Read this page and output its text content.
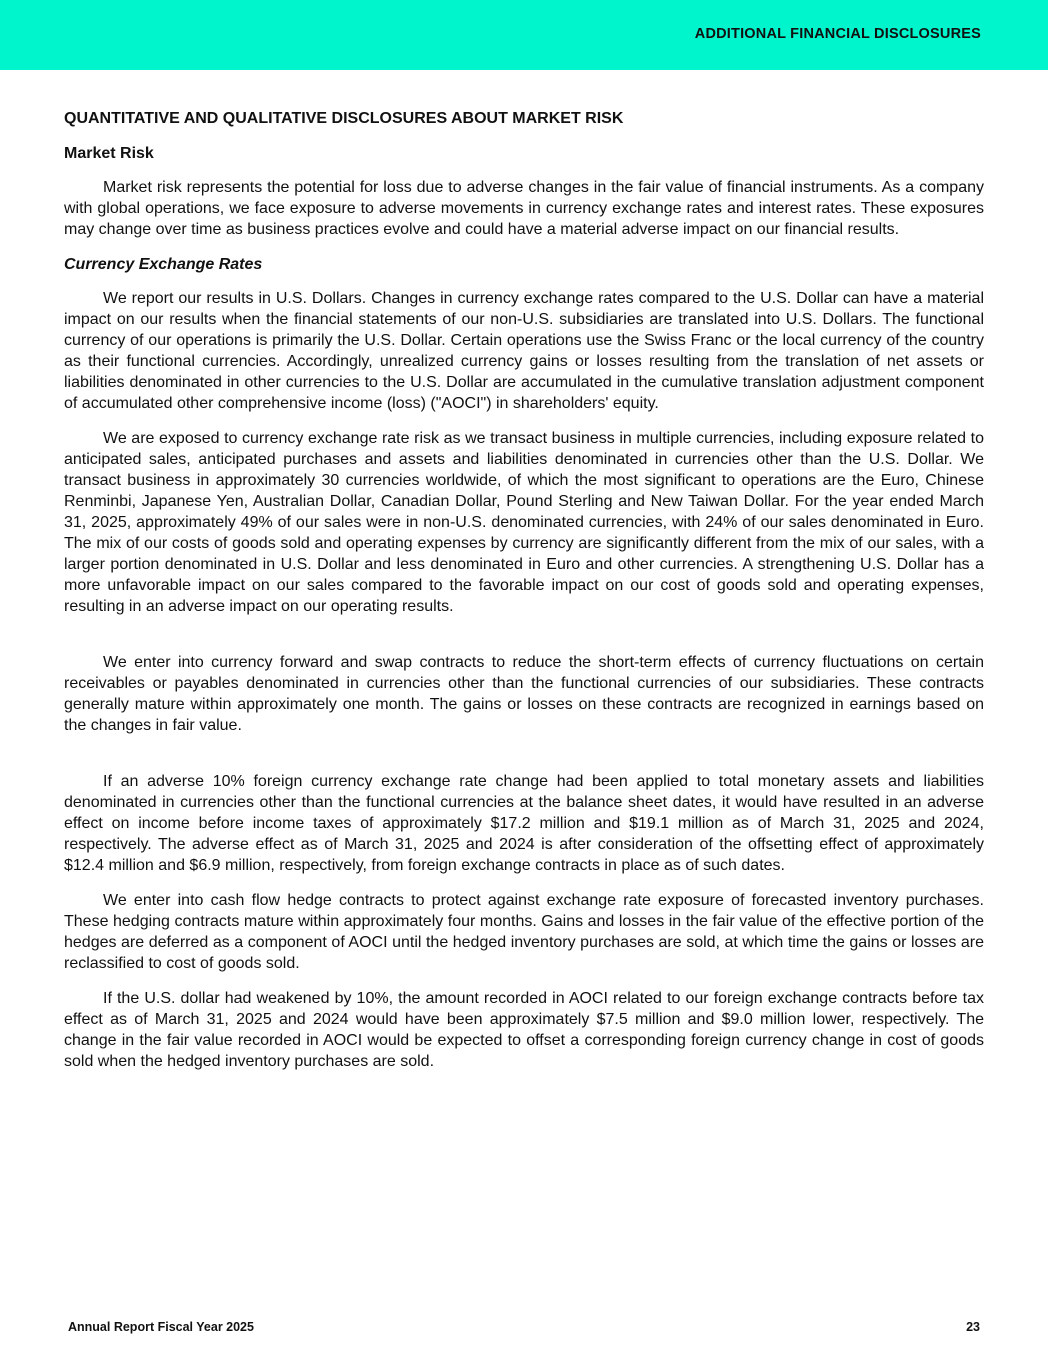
ADDITIONAL FINANCIAL DISCLOSURES
QUANTITATIVE AND QUALITATIVE DISCLOSURES ABOUT MARKET RISK
Market Risk

Market risk represents the potential for loss due to adverse changes in the fair value of financial instruments. As a company with global operations, we face exposure to adverse movements in currency exchange rates and interest rates. These exposures may change over time as business practices evolve and could have a material adverse impact on our financial results.

Currency Exchange Rates

We report our results in U.S. Dollars. Changes in currency exchange rates compared to the U.S. Dollar can have a material impact on our results when the financial statements of our non-U.S. subsidiaries are translated into U.S. Dollars. The functional currency of our operations is primarily the U.S. Dollar. Certain operations use the Swiss Franc or the local currency of the country as their functional currencies. Accordingly, unrealized currency gains or losses resulting from the translation of net assets or liabilities denominated in other currencies to the U.S. Dollar are accumulated in the cumulative translation adjustment component of accumulated other comprehensive income (loss) ("AOCI") in shareholders' equity.

We are exposed to currency exchange rate risk as we transact business in multiple currencies, including exposure related to anticipated sales, anticipated purchases and assets and liabilities denominated in currencies other than the U.S. Dollar. We transact business in approximately 30 currencies worldwide, of which the most significant to operations are the Euro, Chinese Renminbi, Japanese Yen, Australian Dollar, Canadian Dollar, Pound Sterling and New Taiwan Dollar. For the year ended March 31, 2025, approximately 49% of our sales were in non-U.S. denominated currencies, with 24% of our sales denominated in Euro. The mix of our costs of goods sold and operating expenses by currency are significantly different from the mix of our sales, with a larger portion denominated in U.S. Dollar and less denominated in Euro and other currencies. A strengthening U.S. Dollar has a more unfavorable impact on our sales compared to the favorable impact on our cost of goods sold and operating expenses, resulting in an adverse impact on our operating results.

We enter into currency forward and swap contracts to reduce the short-term effects of currency fluctuations on certain receivables or payables denominated in currencies other than the functional currencies of our subsidiaries. These contracts generally mature within approximately one month. The gains or losses on these contracts are recognized in earnings based on the changes in fair value.

If an adverse 10% foreign currency exchange rate change had been applied to total monetary assets and liabilities denominated in currencies other than the functional currencies at the balance sheet dates, it would have resulted in an adverse effect on income before income taxes of approximately $17.2 million and $19.1 million as of March 31, 2025 and 2024, respectively. The adverse effect as of March 31, 2025 and 2024 is after consideration of the offsetting effect of approximately $12.4 million and $6.9 million, respectively, from foreign exchange contracts in place as of such dates.

We enter into cash flow hedge contracts to protect against exchange rate exposure of forecasted inventory purchases. These hedging contracts mature within approximately four months. Gains and losses in the fair value of the effective portion of the hedges are deferred as a component of AOCI until the hedged inventory purchases are sold, at which time the gains or losses are reclassified to cost of goods sold.

If the U.S. dollar had weakened by 10%, the amount recorded in AOCI related to our foreign exchange contracts before tax effect as of March 31, 2025 and 2024 would have been approximately $7.5 million and $9.0 million lower, respectively. The change in the fair value recorded in AOCI would be expected to offset a corresponding foreign currency change in cost of goods sold when the hedged inventory purchases are sold.

Annual Report Fiscal Year 2025	23
